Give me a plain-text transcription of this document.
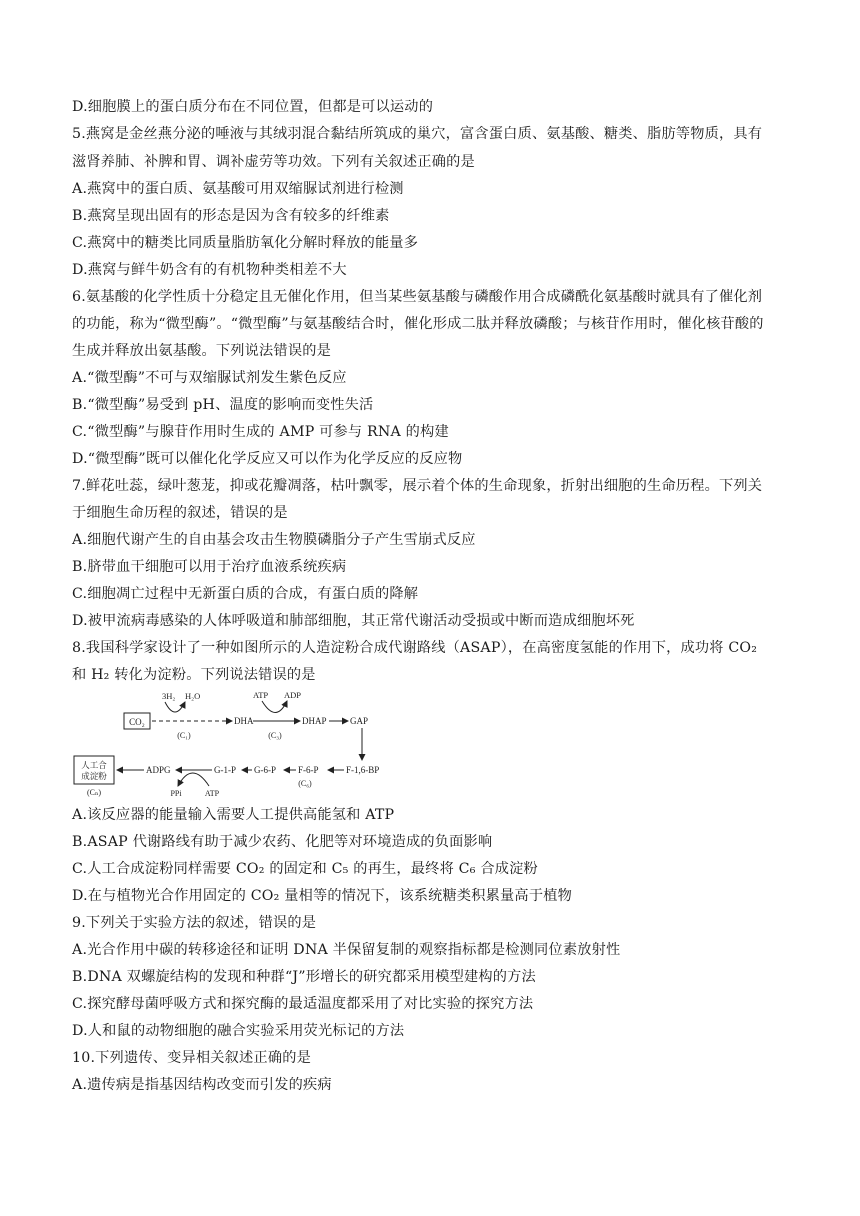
D.细胞膜上的蛋白质分布在不同位置，但都是可以运动的
5.燕窝是金丝燕分泌的唾液与其绒羽混合黏结所筑成的巢穴，富含蛋白质、氨基酸、糖类、脂肪等物质，具有
滋肾养肺、补脾和胃、调补虚劳等功效。下列有关叙述正确的是
A.燕窝中的蛋白质、氨基酸可用双缩脲试剂进行检测
B.燕窝呈现出固有的形态是因为含有较多的纤维素
C.燕窝中的糖类比同质量脂肪氧化分解时释放的能量多
D.燕窝与鲜牛奶含有的有机物种类相差不大
6.氨基酸的化学性质十分稳定且无催化作用，但当某些氨基酸与磷酸作用合成磷酰化氨基酸时就具有了催化剂
的功能，称为“微型酶”。“微型酶”与氨基酸结合时，催化形成二肽并释放磷酸；与核苷作用时，催化核苷酸的
生成并释放出氨基酸。下列说法错误的是
A.“微型酶”不可与双缩脲试剂发生紫色反应
B.“微型酶”易受到 pH、温度的影响而变性失活
C.“微型酶”与腺苷作用时生成的 AMP 可参与 RNA 的构建
D.“微型酶”既可以催化化学反应又可以作为化学反应的反应物
7.鲜花吐蕊，绿叶葱茏，抑或花瓣凋落，枯叶飘零，展示着个体的生命现象，折射出细胞的生命历程。下列关
于细胞生命历程的叙述，错误的是
A.细胞代谢产生的自由基会攻击生物膜磷脂分子产生雪崩式反应
B.脐带血干细胞可以用于治疗血液系统疾病
C.细胞凋亡过程中无新蛋白质的合成，有蛋白质的降解
D.被甲流病毒感染的人体呼吸道和肺部细胞，其正常代谢活动受损或中断而造成细胞坏死
8.我国科学家设计了一种如图所示的人造淀粉合成代谢路线（ASAP），在高密度氢能的作用下，成功将 CO₂
和 H₂ 转化为淀粉。下列说法错误的是
CO₂
3H₂ H₂O
(C₁)
DHA
ATP ADP
(C₃)
DHAP	GAP
F-1,6-BP
F-6-P
G-6-P
(C₆)
G-1-P
PPi	ATP
ADPG
人工合
成淀粉
(Cₙ)
A.该反应器的能量输入需要人工提供高能氢和 ATP
B.ASAP 代谢路线有助于减少农药、化肥等对环境造成的负面影响
C.人工合成淀粉同样需要 CO₂ 的固定和 C₅ 的再生，最终将 C₆ 合成淀粉
D.在与植物光合作用固定的 CO₂ 量相等的情况下，该系统糖类积累量高于植物
9.下列关于实验方法的叙述，错误的是
A.光合作用中碳的转移途径和证明 DNA 半保留复制的观察指标都是检测同位素放射性
B.DNA 双螺旋结构的发现和种群“J”形增长的研究都采用模型建构的方法
C.探究酵母菌呼吸方式和探究酶的最适温度都采用了对比实验的探究方法
D.人和鼠的动物细胞的融合实验采用荧光标记的方法
10.下列遗传、变异相关叙述正确的是
A.遗传病是指基因结构改变而引发的疾病
